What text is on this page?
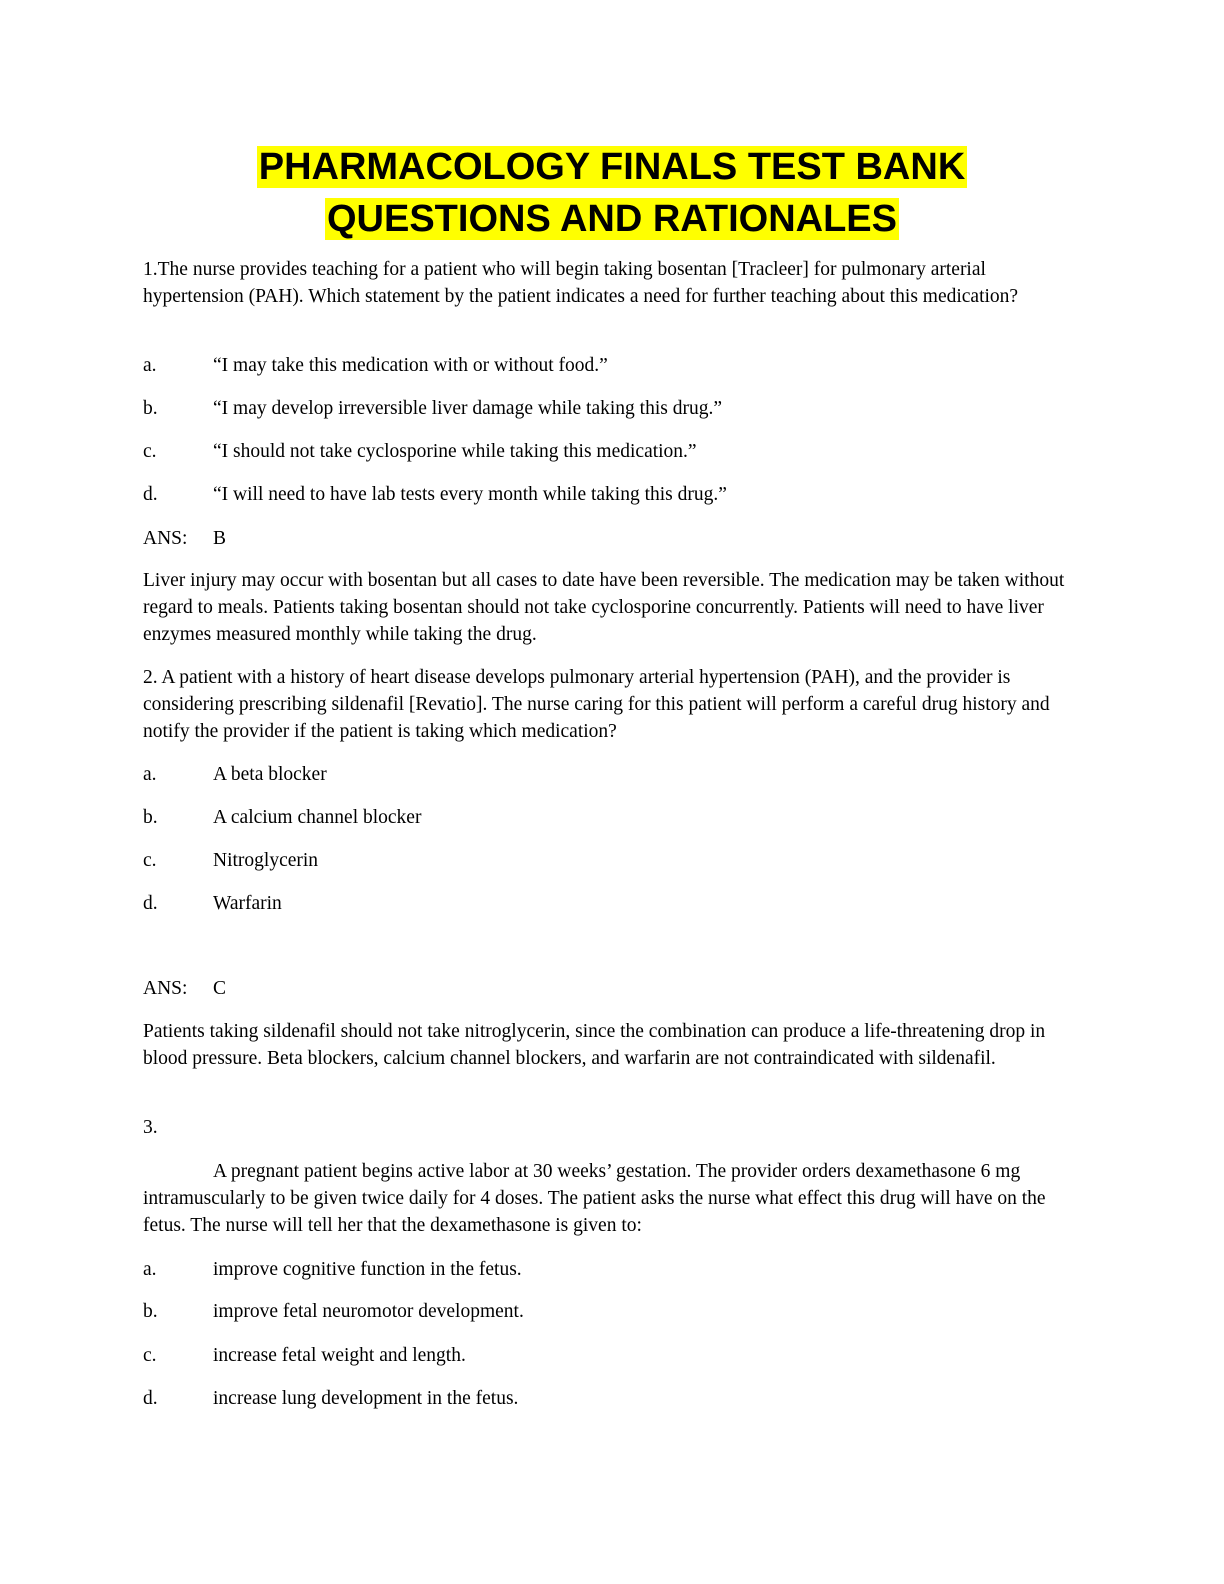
PHARMACOLOGY FINALS TEST BANK
QUESTIONS AND RATIONALES
1.The nurse provides teaching for a patient who will begin taking bosentan [Tracleer] for pulmonary arterial hypertension (PAH). Which statement by the patient indicates a need for further teaching about this medication?
a.	“I may take this medication with or without food.”
b.	“I may develop irreversible liver damage while taking this drug.”
c.	“I should not take cyclosporine while taking this medication.”
d.	“I will need to have lab tests every month while taking this drug.”
ANS: B
Liver injury may occur with bosentan but all cases to date have been reversible. The medication may be taken without regard to meals. Patients taking bosentan should not take cyclosporine concurrently. Patients will need to have liver enzymes measured monthly while taking the drug.
2. A patient with a history of heart disease develops pulmonary arterial hypertension (PAH), and the provider is considering prescribing sildenafil [Revatio]. The nurse caring for this patient will perform a careful drug history and notify the provider if the patient is taking which medication?
a.	A beta blocker
b.	A calcium channel blocker
c.	Nitroglycerin
d.	Warfarin
ANS: C
Patients taking sildenafil should not take nitroglycerin, since the combination can produce a life-threatening drop in blood pressure. Beta blockers, calcium channel blockers, and warfarin are not contraindicated with sildenafil.
3.
A pregnant patient begins active labor at 30 weeks’ gestation. The provider orders dexamethasone 6 mg intramuscularly to be given twice daily for 4 doses. The patient asks the nurse what effect this drug will have on the fetus. The nurse will tell her that the dexamethasone is given to:
a.	improve cognitive function in the fetus.
b.	improve fetal neuromotor development.
c.	increase fetal weight and length.
d.	increase lung development in the fetus.
